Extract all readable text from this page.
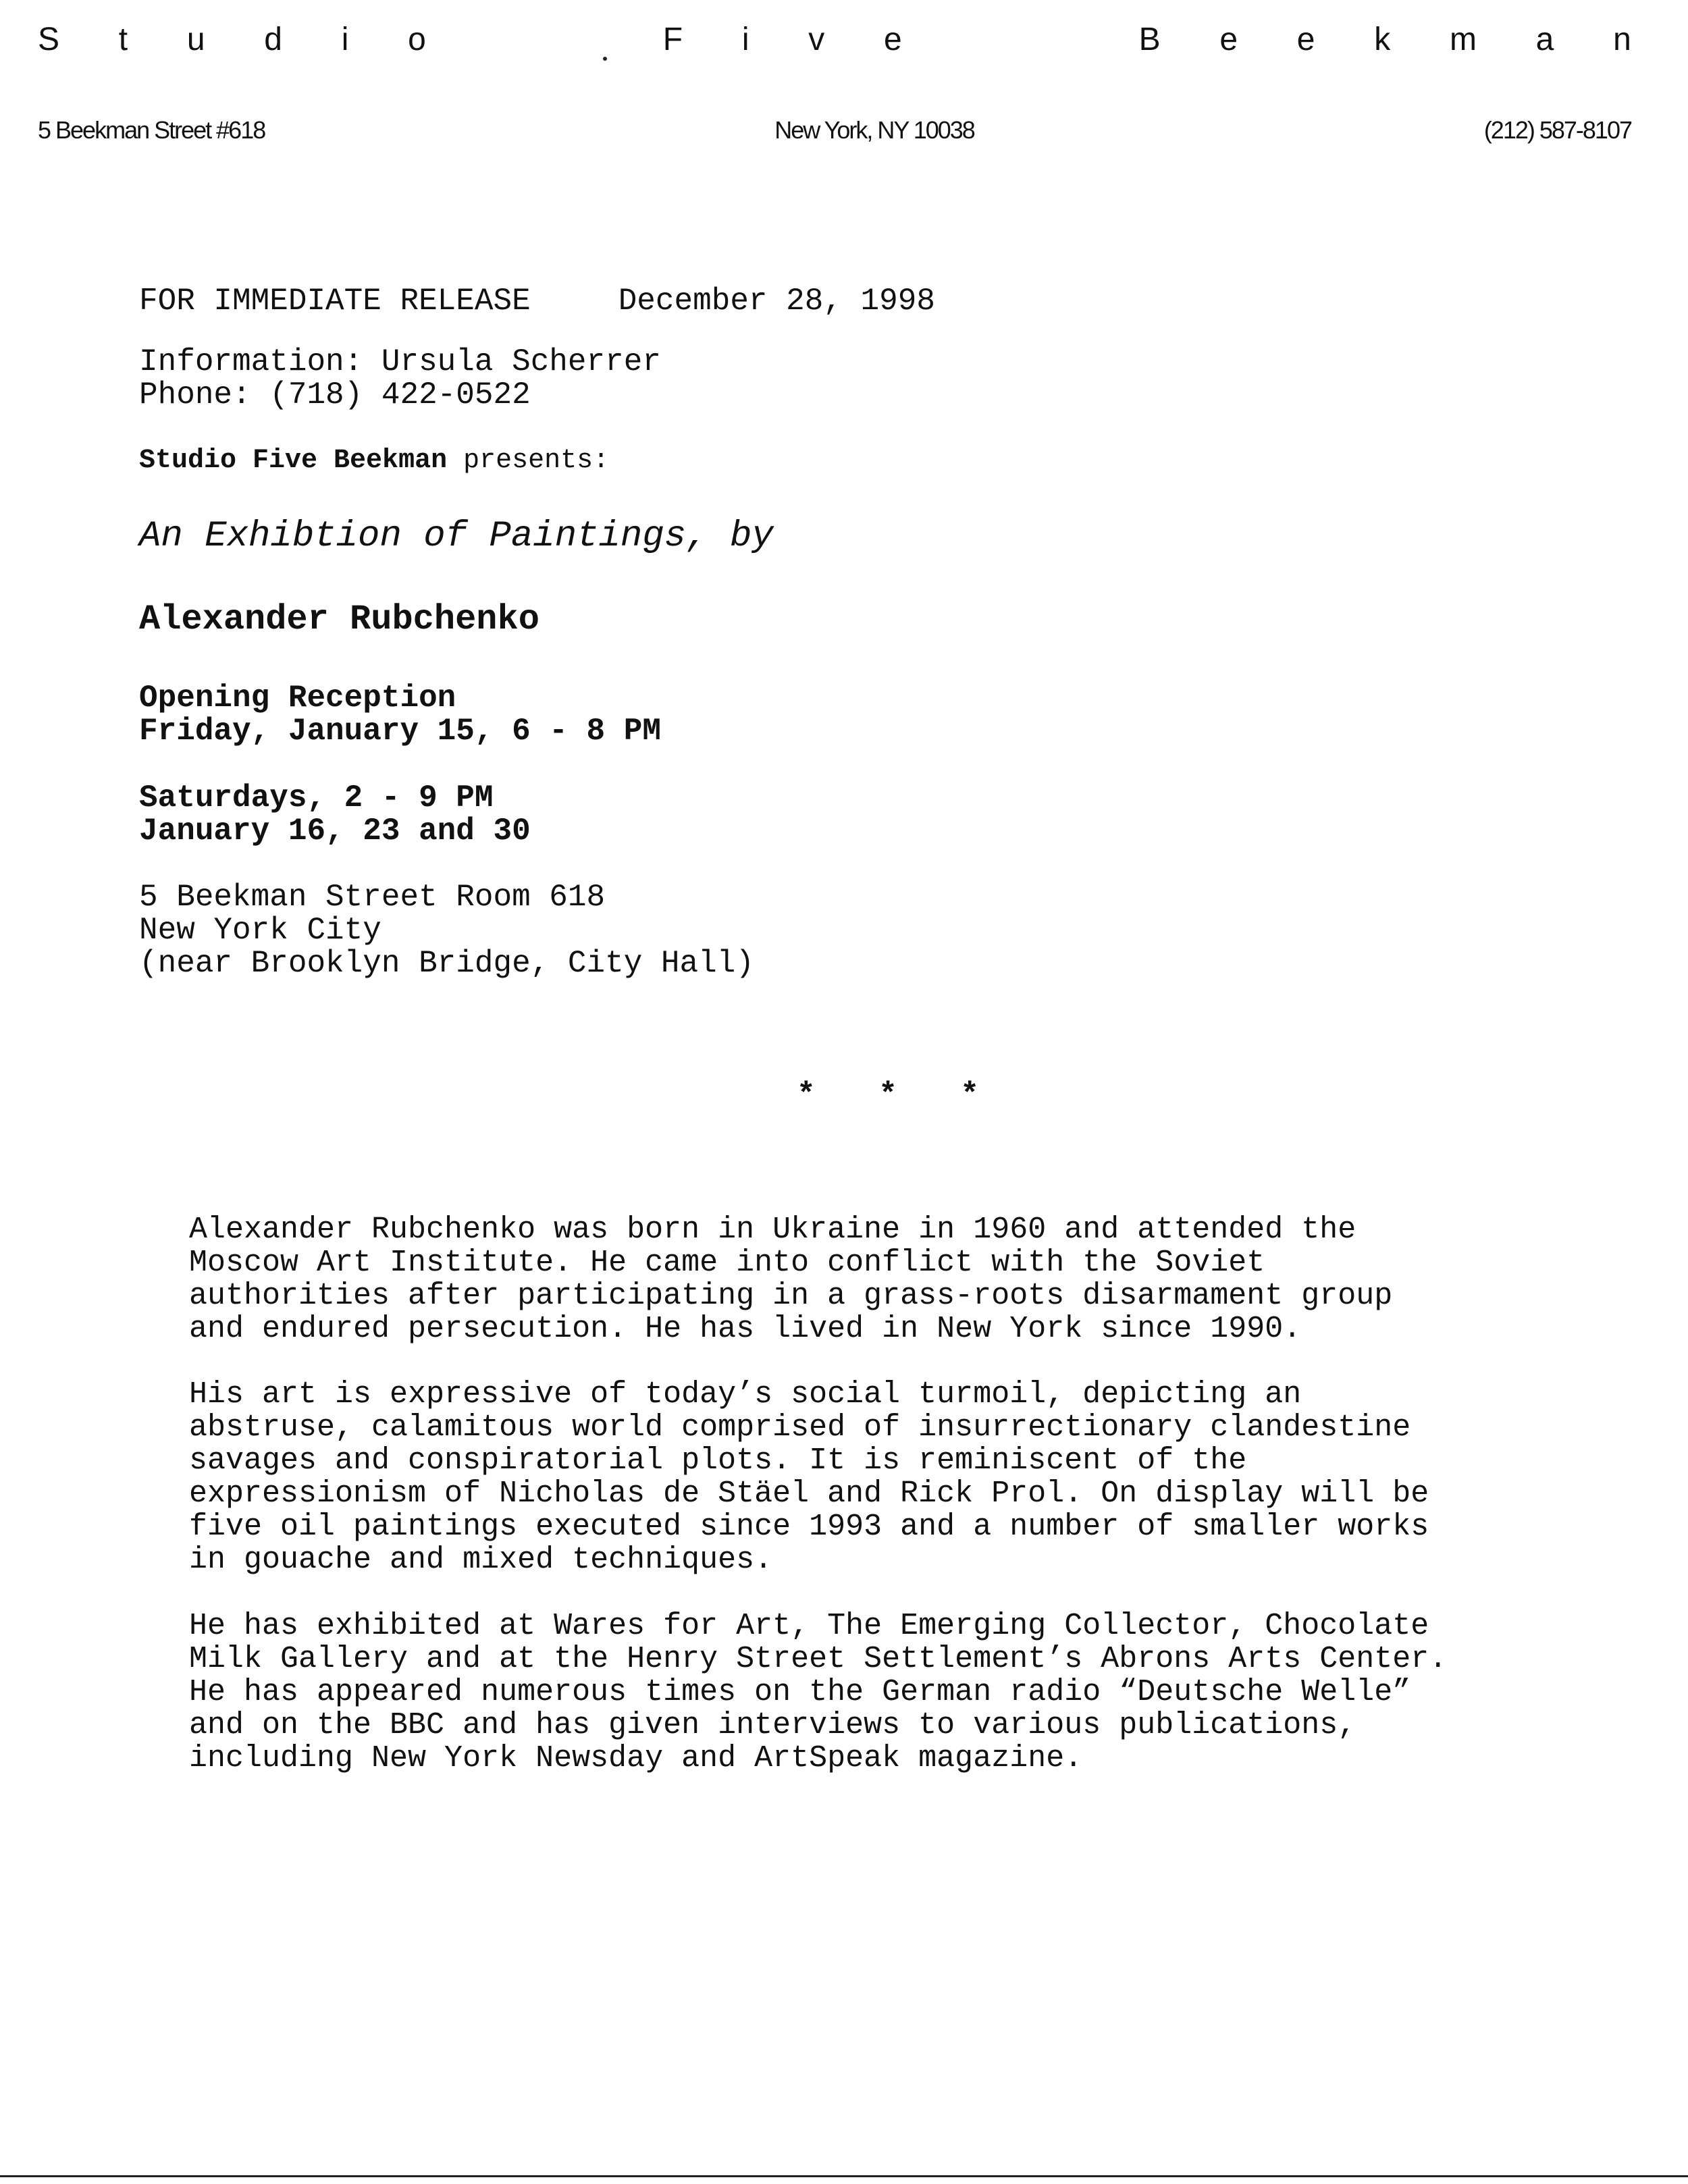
S t u d i o	F i v e	B e e k m a n
5 Beekman Street #618	New York, NY 10038	(212) 587-8107
FOR IMMEDIATE RELEASE	December 28, 1998
Information: Ursula Scherrer
Phone: (718) 422-0522
Studio Five Beekman presents:
An Exhibtion of Paintings, by
Alexander Rubchenko
Opening Reception
Friday, January 15, 6 - 8 PM
Saturdays, 2 - 9 PM
January 16, 23 and 30
5 Beekman Street Room 618
New York City
(near Brooklyn Bridge, City Hall)
* * *
Alexander Rubchenko was born in Ukraine in 1960 and attended the
Moscow Art Institute. He came into conflict with the Soviet
authorities after participating in a grass-roots disarmament group
and endured persecution. He has lived in New York since 1990.
His art is expressive of today’s social turmoil, depicting an
abstruse, calamitous world comprised of insurrectionary clandestine
savages and conspiratorial plots. It is reminiscent of the
expressionism of Nicholas de Stäel and Rick Prol. On display will be
five oil paintings executed since 1993 and a number of smaller works
in gouache and mixed techniques.
He has exhibited at Wares for Art, The Emerging Collector, Chocolate
Milk Gallery and at the Henry Street Settlement’s Abrons Arts Center.
He has appeared numerous times on the German radio “Deutsche Welle”
and on the BBC and has given interviews to various publications,
including New York Newsday and ArtSpeak magazine.
